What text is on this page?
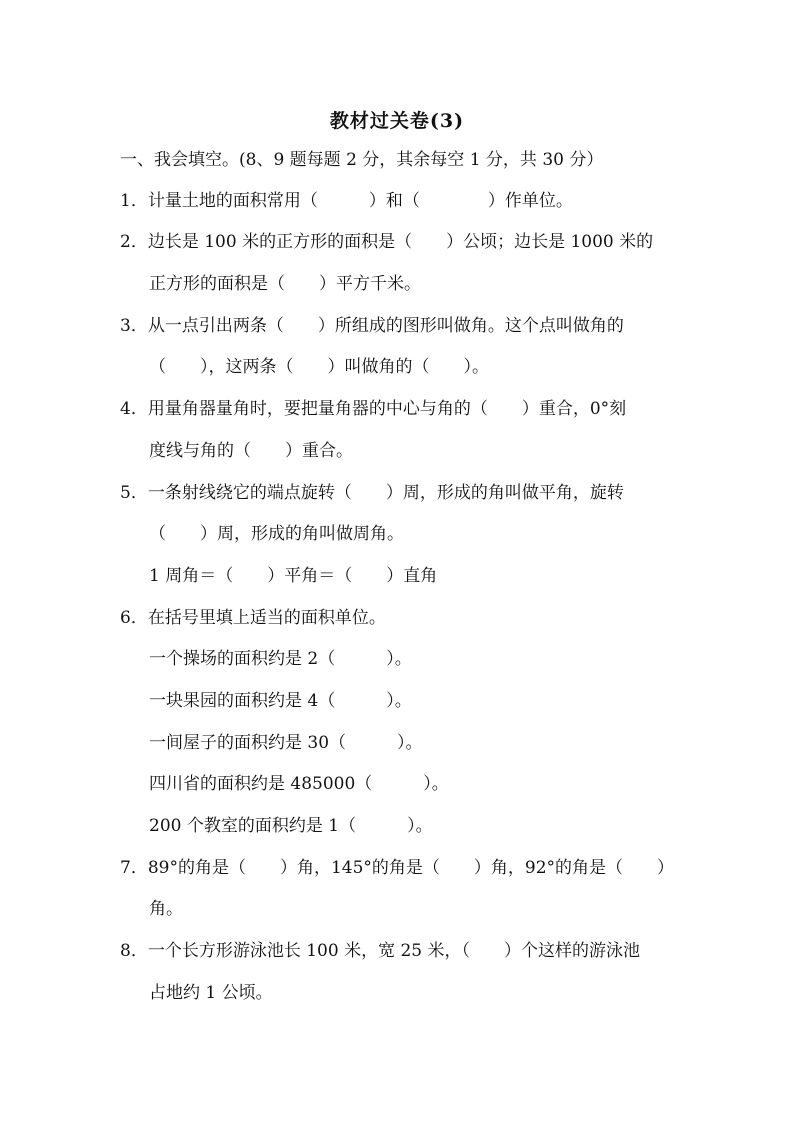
教材过关卷(3)
一、我会填空。(8、9 题每题 2 分，其余每空 1 分，共 30 分）
1．计量土地的面积常用（　　　）和（　　　　）作单位。
2．边长是 100 米的正方形的面积是（　　）公顷；边长是 1000 米的
正方形的面积是（　　）平方千米。
3．从一点引出两条（　　）所组成的图形叫做角。这个点叫做角的
（　　），这两条（　　）叫做角的（　　）。
4．用量角器量角时，要把量角器的中心与角的（　　）重合，0°刻
度线与角的（　　）重合。
5．一条射线绕它的端点旋转（　　）周，形成的角叫做平角，旋转
（　　）周，形成的角叫做周角。
1 周角＝（　　）平角＝（　　）直角
6．在括号里填上适当的面积单位。
一个操场的面积约是 2（　　　）。
一块果园的面积约是 4（　　　）。
一间屋子的面积约是 30（　　　）。
四川省的面积约是 485000（　　　）。
200 个教室的面积约是 1（　　　）。
7．89°的角是（　　）角，145°的角是（　　）角，92°的角是（　　）
角。
8．一个长方形游泳池长 100 米，宽 25 米，（　　）个这样的游泳池
占地约 1 公顷。
